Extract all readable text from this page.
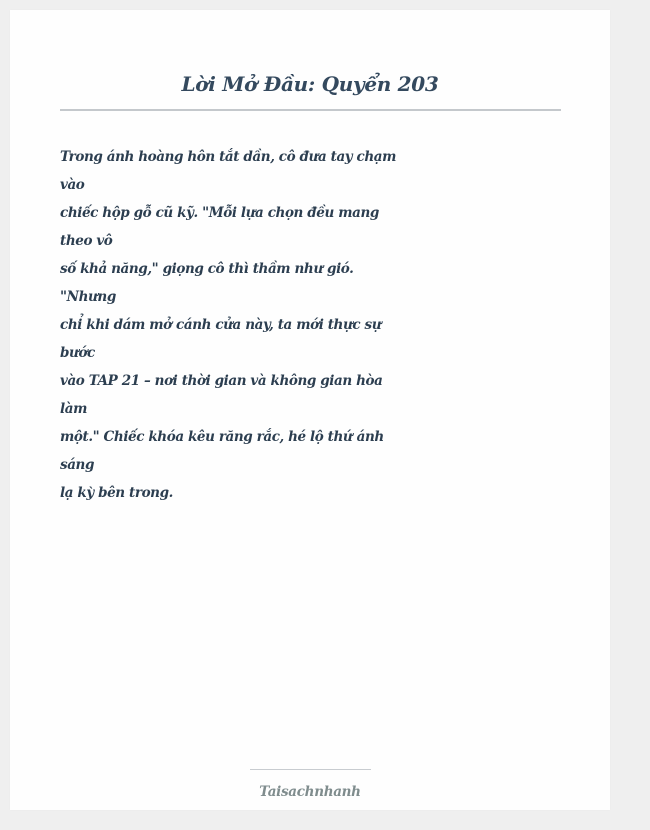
Lời Mở Đầu: Quyển 203
Trong ánh hoàng hôn tắt dần, cô đưa tay chạm
vào
chiếc hộp gỗ cũ kỹ. "Mỗi lựa chọn đều mang
theo vô
số khả năng," giọng cô thì thầm như gió.
"Nhưng
chỉ khi dám mở cánh cửa này, ta mới thực sự
bước
vào TAP 21 – nơi thời gian và không gian hòa
làm
một." Chiếc khóa kêu răng rắc, hé lộ thứ ánh
sáng
lạ kỳ bên trong.
Taisachnhanh
